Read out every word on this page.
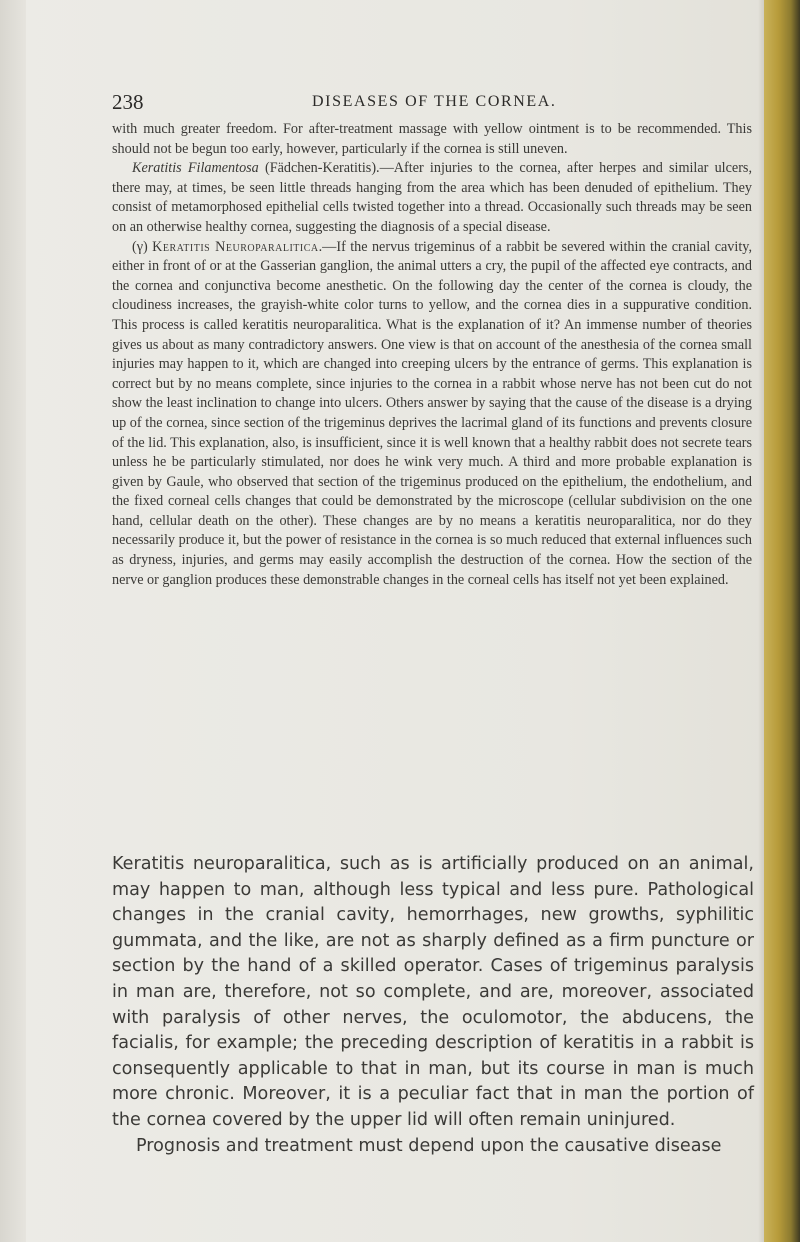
238	DISEASES OF THE CORNEA.

with much greater freedom. For after-treatment massage with yellow ointment is to be recommended. This should not be begun too early, however, particularly if the cornea is still uneven.

Keratitis Filamentosa (Fädchen-Keratitis).—After injuries to the cornea, after herpes and similar ulcers, there may, at times, be seen little threads hanging from the area which has been denuded of epithelium. They consist of metamorphosed epithelial cells twisted together into a thread. Occasionally such threads may be seen on an otherwise healthy cornea, suggesting the diagnosis of a special disease.

(γ) Keratitis Neuroparalitica.—If the nervus trigeminus of a rabbit be severed within the cranial cavity, either in front of or at the Gasserian ganglion, the animal utters a cry, the pupil of the affected eye contracts, and the cornea and conjunctiva become anesthetic. On the following day the center of the cornea is cloudy, the cloudiness increases, the grayish-white color turns to yellow, and the cornea dies in a suppurative condition. This process is called keratitis neuroparalitica. What is the explanation of it? An immense number of theories gives us about as many contradictory answers. One view is that on account of the anesthesia of the cornea small injuries may happen to it, which are changed into creeping ulcers by the entrance of germs. This explanation is correct but by no means complete, since injuries to the cornea in a rabbit whose nerve has not been cut do not show the least inclination to change into ulcers. Others answer by saying that the cause of the disease is a drying up of the cornea, since section of the trigeminus deprives the lacrimal gland of its functions and prevents closure of the lid. This explanation, also, is insufficient, since it is well known that a healthy rabbit does not secrete tears unless he be particularly stimulated, nor does he wink very much. A third and more probable explanation is given by Gaule, who observed that section of the trigeminus produced on the epithelium, the endothelium, and the fixed corneal cells changes that could be demonstrated by the microscope (cellular subdivision on the one hand, cellular death on the other). These changes are by no means a keratitis neuroparalitica, nor do they necessarily produce it, but the power of resistance in the cornea is so much reduced that external influences such as dryness, injuries, and germs may easily accomplish the destruction of the cornea. How the section of the nerve or ganglion produces these demonstrable changes in the corneal cells has itself not yet been explained.

Keratitis neuroparalitica, such as is artificially produced on an animal, may happen to man, although less typical and less pure. Pathological changes in the cranial cavity, hemorrhages, new growths, syphilitic gummata, and the like, are not as sharply defined as a firm puncture or section by the hand of a skilled operator. Cases of trigeminus paralysis in man are, therefore, not so complete, and are, moreover, associated with paralysis of other nerves, the oculomotor, the abducens, the facialis, for example; the preceding description of keratitis in a rabbit is consequently applicable to that in man, but its course in man is much more chronic. Moreover, it is a peculiar fact that in man the portion of the cornea covered by the upper lid will often remain uninjured.

Prognosis and treatment must depend upon the causative disease
